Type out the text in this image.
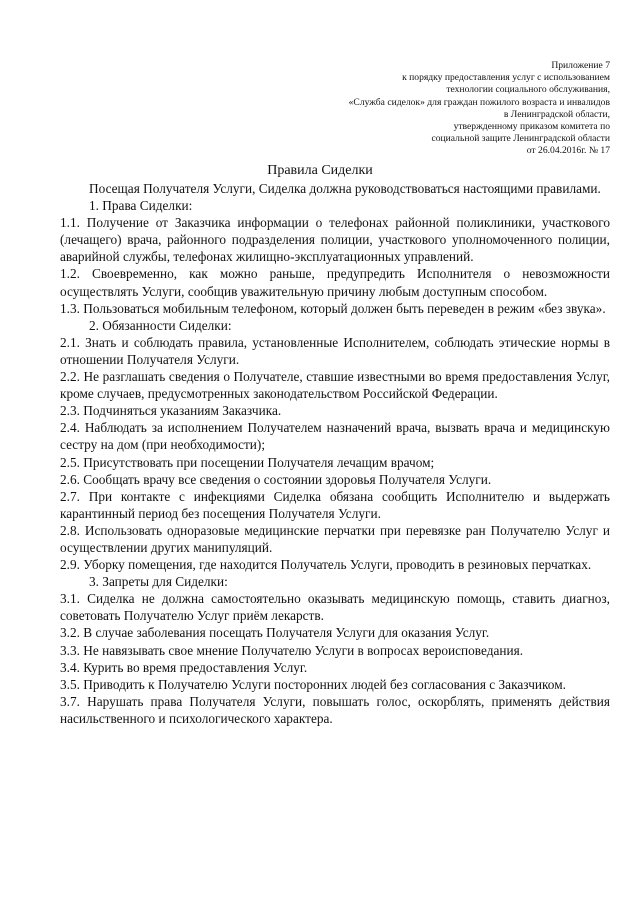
Приложение 7
к порядку предоставления услуг с использованием
технологии социального обслуживания,
«Служба сиделок» для граждан пожилого возраста и инвалидов
в Ленинградской области,
утвержденному приказом комитета по
социальной защите Ленинградской области
от 26.04.2016г. № 17
Правила Сиделки

Посещая Получателя Услуги, Сиделка должна руководствоваться настоящими правилами.

1. Права Сиделки:

1.1. Получение от Заказчика информации о телефонах районной поликлиники, участкового (лечащего) врача, районного подразделения полиции, участкового уполномоченного полиции, аварийной службы, телефонах жилищно-эксплуатационных управлений.

1.2. Своевременно, как можно раньше, предупредить Исполнителя о невозможности осуществлять Услуги, сообщив уважительную причину любым доступным способом.

1.3. Пользоваться мобильным телефоном, который должен быть переведен в режим «без звука».

2. Обязанности Сиделки:

2.1. Знать и соблюдать правила, установленные Исполнителем, соблюдать этические нормы в отношении Получателя Услуги.

2.2. Не разглашать сведения о Получателе, ставшие известными во время предоставления Услуг, кроме случаев, предусмотренных законодательством Российской Федерации.

2.3. Подчиняться указаниям Заказчика.

2.4. Наблюдать за исполнением Получателем назначений врача, вызвать врача и медицинскую сестру на дом (при необходимости);

2.5. Присутствовать при посещении Получателя лечащим врачом;

2.6. Сообщать врачу все сведения о состоянии здоровья Получателя Услуги.

2.7. При контакте с инфекциями Сиделка обязана сообщить Исполнителю и выдержать карантинный период без посещения Получателя Услуги.

2.8. Использовать одноразовые медицинские перчатки при перевязке ран Получателю Услуг и осуществлении других манипуляций.

2.9. Уборку помещения, где находится Получатель Услуги, проводить в резиновых перчатках.

3. Запреты для Сиделки:

3.1. Сиделка не должна самостоятельно оказывать медицинскую помощь, ставить диагноз, советовать Получателю Услуг приём лекарств.

3.2. В случае заболевания посещать Получателя Услуги для оказания Услуг.

3.3. Не навязывать свое мнение Получателю Услуги в вопросах вероисповедания.

3.4. Курить во время предоставления Услуг.

3.5. Приводить к Получателю Услуги посторонних людей без согласования с Заказчиком.

3.7. Нарушать права Получателя Услуги, повышать голос, оскорблять, применять действия насильственного и психологического характера.
